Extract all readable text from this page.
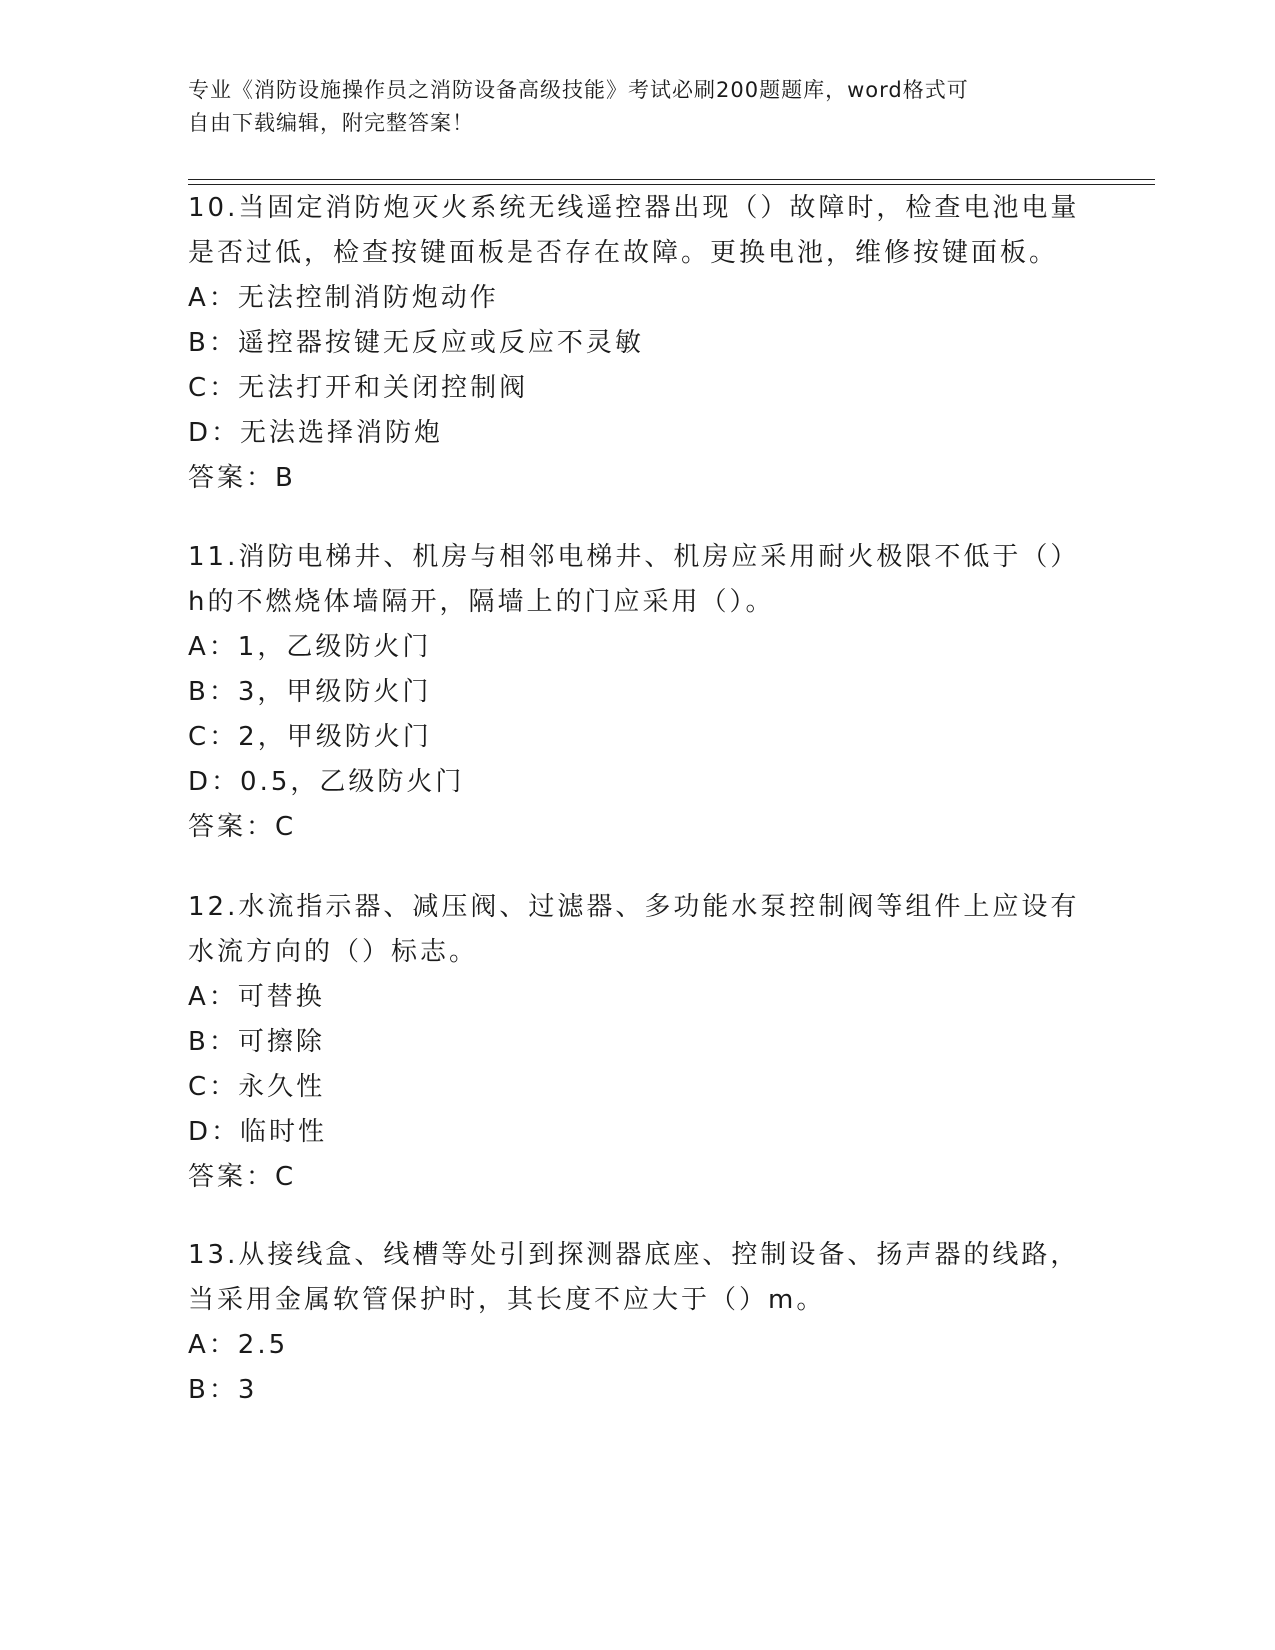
专业《消防设施操作员之消防设备高级技能》考试必刷200题题库，word格式可
自由下载编辑，附完整答案！
10.当固定消防炮灭火系统无线遥控器出现（）故障时，检查电池电量
是否过低，检查按键面板是否存在故障。更换电池，维修按键面板。
A：无法控制消防炮动作
B：遥控器按键无反应或反应不灵敏
C：无法打开和关闭控制阀
D：无法选择消防炮
答案：B
11.消防电梯井、机房与相邻电梯井、机房应采用耐火极限不低于（）
h的不燃烧体墙隔开，隔墙上的门应采用（）。
A：1，乙级防火门
B：3，甲级防火门
C：2，甲级防火门
D：0.5，乙级防火门
答案：C
12.水流指示器、减压阀、过滤器、多功能水泵控制阀等组件上应设有
水流方向的（）标志。
A：可替换
B：可擦除
C：永久性
D：临时性
答案：C
13.从接线盒、线槽等处引到探测器底座、控制设备、扬声器的线路，
当采用金属软管保护时，其长度不应大于（）m。
A：2.5
B：3
